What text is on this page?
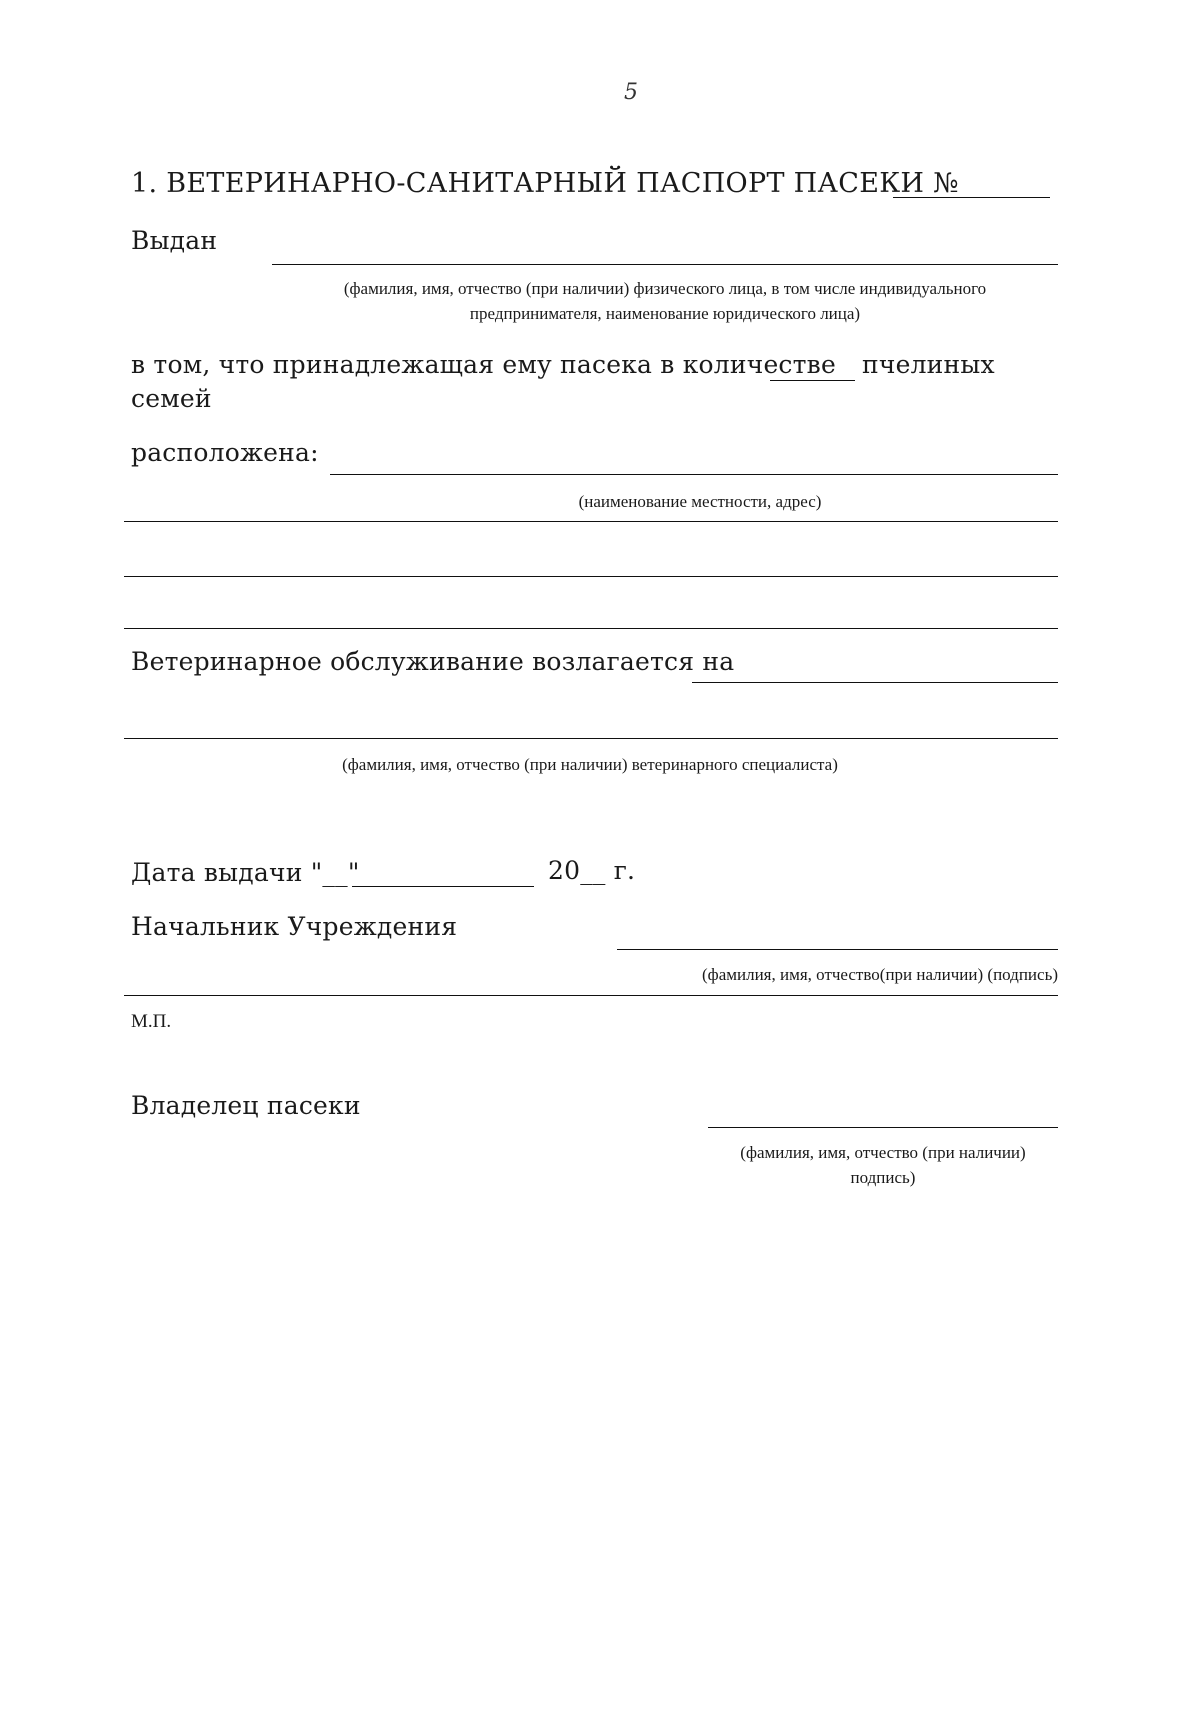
5
1. ВЕТЕРИНАРНО-САНИТАРНЫЙ ПАСПОРТ ПАСЕКИ №
Выдан
(фамилия, имя, отчество (при наличии) физического лица, в том числе индивидуального предпринимателя, наименование юридического лица)
в том, что принадлежащая ему пасека в количестве пчелиных
семей
расположена:
(наименование местности, адрес)
Ветеринарное обслуживание возлагается на
(фамилия, имя, отчество (при наличии) ветеринарного специалиста)
Дата выдачи "__"	20__ г.
Начальник Учреждения
(фамилия, имя, отчество(при наличии) (подпись)
М.П.
Владелец пасеки
(фамилия, имя, отчество (при наличии) подпись)
